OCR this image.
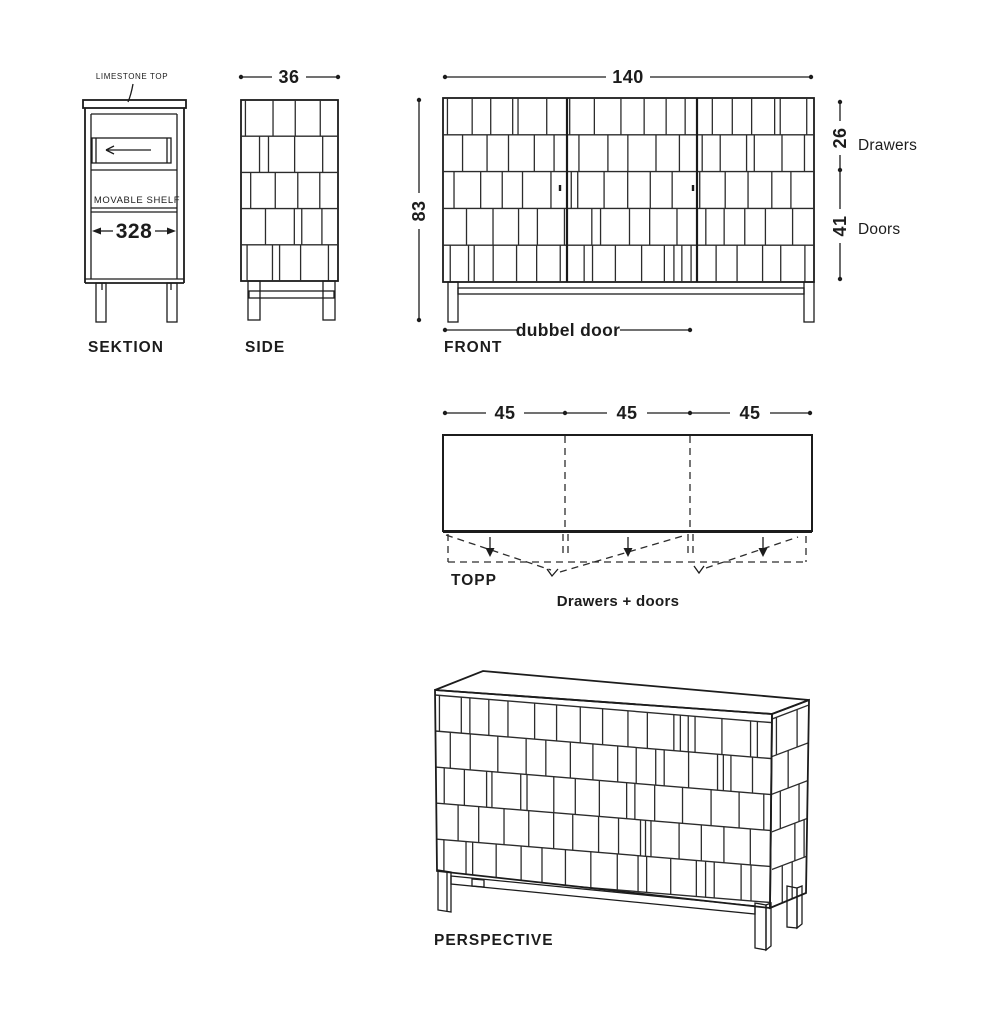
LIMESTONE TOP
MOVABLE SHELF
328
SEKTION
36
SIDE
140
83
26
41
Drawers
Doors
dubbel door
FRONT
45	45	45
TOPP
Drawers + doors
PERSPECTIVE
